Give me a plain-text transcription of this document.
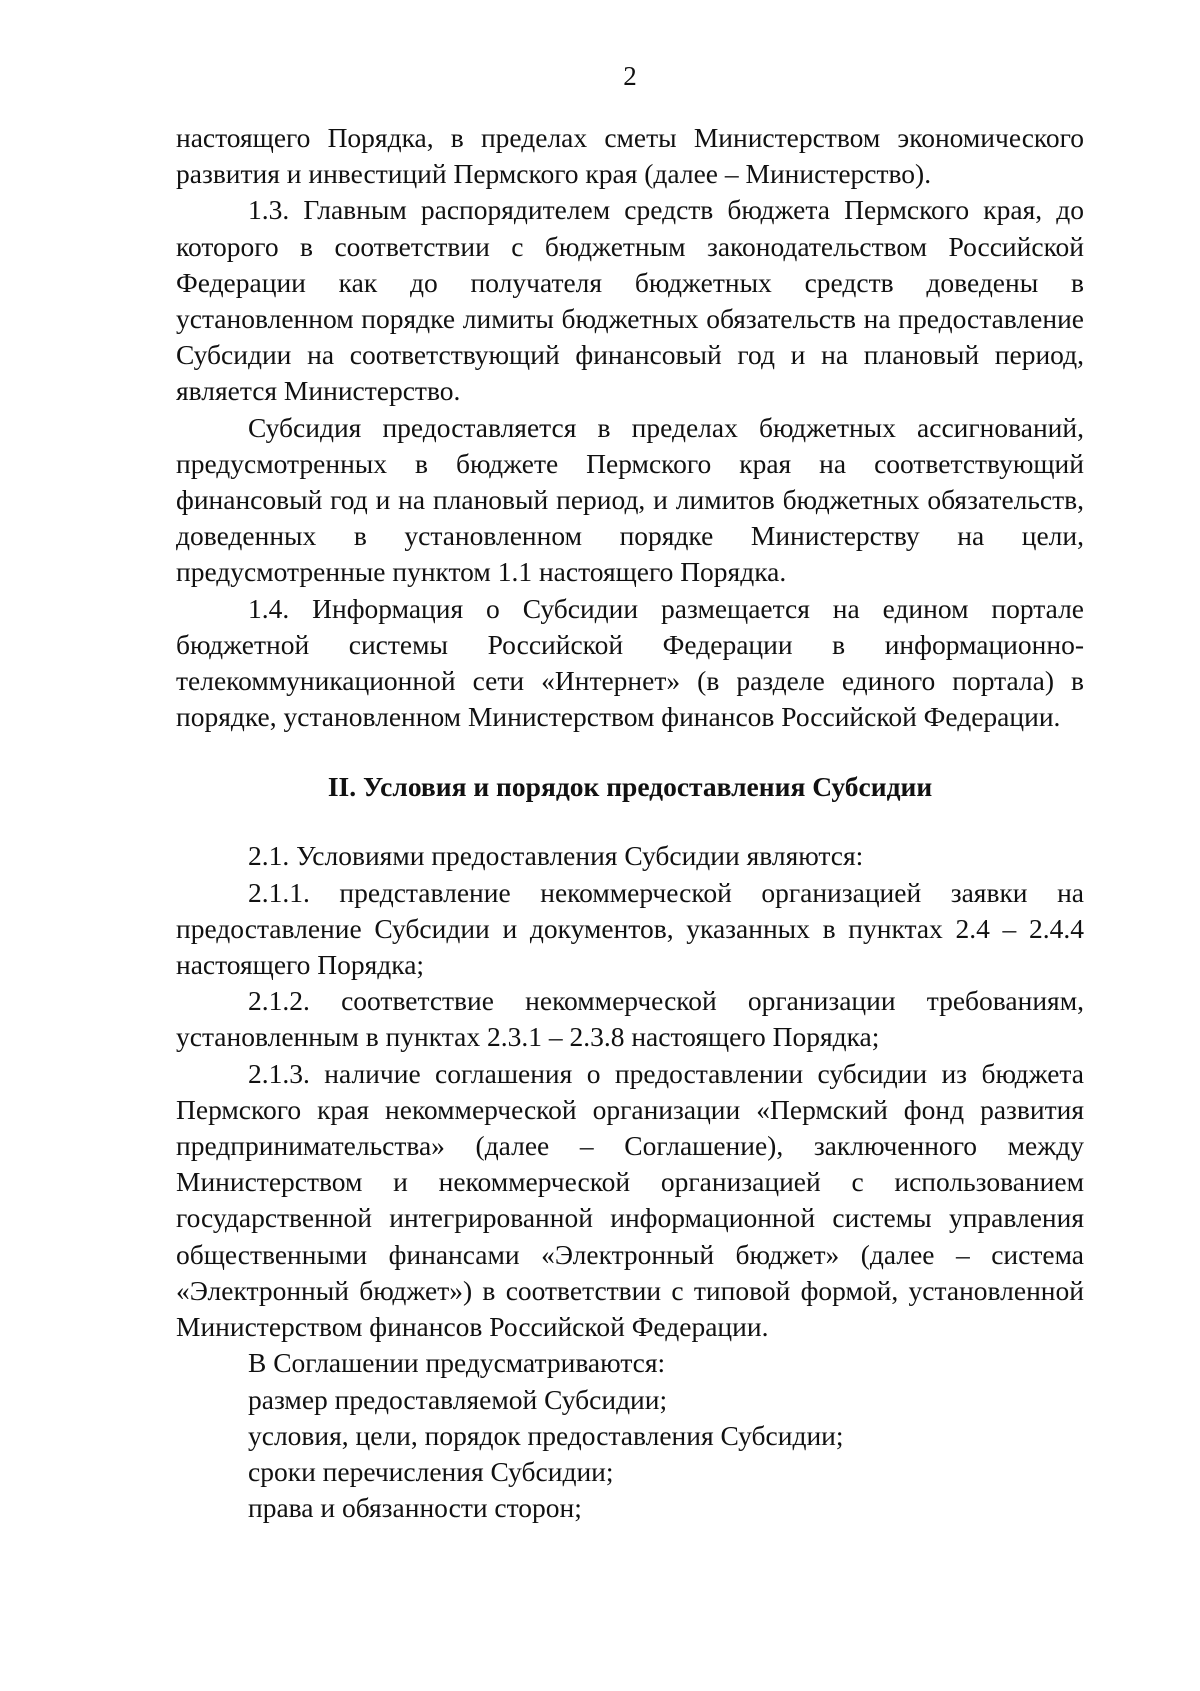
2

настоящего Порядка, в пределах сметы Министерством экономического развития и инвестиций Пермского края (далее – Министерство).

1.3. Главным распорядителем средств бюджета Пермского края, до которого в соответствии с бюджетным законодательством Российской Федерации как до получателя бюджетных средств доведены в установленном порядке лимиты бюджетных обязательств на предоставление Субсидии на соответствующий финансовый год и на плановый период, является Министерство.

Субсидия предоставляется в пределах бюджетных ассигнований, предусмотренных в бюджете Пермского края на соответствующий финансовый год и на плановый период, и лимитов бюджетных обязательств, доведенных в установленном порядке Министерству на цели, предусмотренные пунктом 1.1 настоящего Порядка.

1.4. Информация о Субсидии размещается на едином портале бюджетной системы Российской Федерации в информационно-телекоммуникационной сети «Интернет» (в разделе единого портала) в порядке, установленном Министерством финансов Российской Федерации.

II. Условия и порядок предоставления Субсидии

2.1. Условиями предоставления Субсидии являются:

2.1.1. представление некоммерческой организацией заявки на предоставление Субсидии и документов, указанных в пунктах 2.4 – 2.4.4 настоящего Порядка;

2.1.2. соответствие некоммерческой организации требованиям, установленным в пунктах 2.3.1 – 2.3.8 настоящего Порядка;

2.1.3. наличие соглашения о предоставлении субсидии из бюджета Пермского края некоммерческой организации «Пермский фонд развития предпринимательства» (далее – Соглашение), заключенного между Министерством и некоммерческой организацией с использованием государственной интегрированной информационной системы управления общественными финансами «Электронный бюджет» (далее – система «Электронный бюджет») в соответствии с типовой формой, установленной Министерством финансов Российской Федерации.

В Соглашении предусматриваются:

размер предоставляемой Субсидии;

условия, цели, порядок предоставления Субсидии;

сроки перечисления Субсидии;

права и обязанности сторон;
